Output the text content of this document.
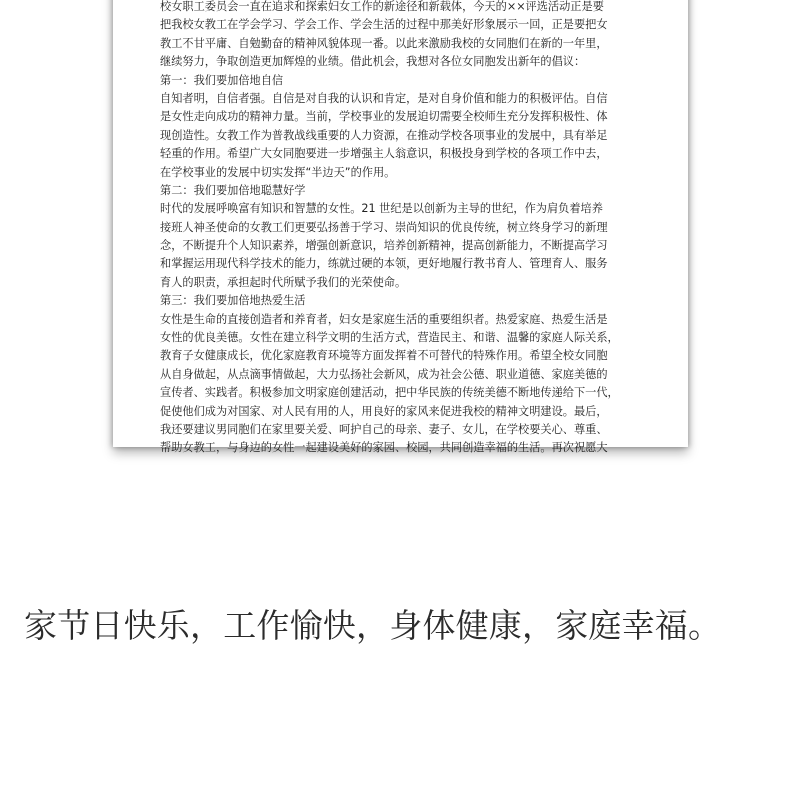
校女职工委员会一直在追求和探索妇女工作的新途径和新载体，今天的××评选活动正是要
把我校女教工在学会学习、学会工作、学会生活的过程中那美好形象展示一回，正是要把女
教工不甘平庸、自勉勤奋的精神风貌体现一番。以此来激励我校的女同胞们在新的一年里，
继续努力，争取创造更加辉煌的业绩。借此机会，我想对各位女同胞发出新年的倡议：
第一：我们要加倍地自信
自知者明，自信者强。自信是对自我的认识和肯定，是对自身价值和能力的积极评估。自信
是女性走向成功的精神力量。当前，学校事业的发展迫切需要全校师生充分发挥积极性、体
现创造性。女教工作为普教战线重要的人力资源，在推动学校各项事业的发展中，具有举足
轻重的作用。希望广大女同胞要进一步增强主人翁意识，积极投身到学校的各项工作中去，
在学校事业的发展中切实发挥“半边天”的作用。
第二：我们要加倍地聪慧好学
时代的发展呼唤富有知识和智慧的女性。21 世纪是以创新为主导的世纪，作为肩负着培养
接班人神圣使命的女教工们更要弘扬善于学习、崇尚知识的优良传统，树立终身学习的新理
念，不断提升个人知识素养，增强创新意识，培养创新精神，提高创新能力，不断提高学习
和掌握运用现代科学技术的能力，练就过硬的本领，更好地履行教书育人、管理育人、服务
育人的职责，承担起时代所赋予我们的光荣使命。
第三：我们要加倍地热爱生活
女性是生命的直接创造者和养育者，妇女是家庭生活的重要组织者。热爱家庭、热爱生活是
女性的优良美德。女性在建立科学文明的生活方式，营造民主、和谐、温馨的家庭人际关系，
教育子女健康成长，优化家庭教育环境等方面发挥着不可替代的特殊作用。希望全校女同胞
从自身做起，从点滴事情做起，大力弘扬社会新风，成为社会公德、职业道德、家庭美德的
宣传者、实践者。积极参加文明家庭创建活动，把中华民族的传统美德不断地传递给下一代，
促使他们成为对国家、对人民有用的人，用良好的家风来促进我校的精神文明建设。最后，
我还要建议男同胞们在家里要关爱、呵护自己的母亲、妻子、女儿，在学校要关心、尊重、
帮助女教工，与身边的女性一起建设美好的家园、校园，共同创造幸福的生活。再次祝愿大
家节日快乐，工作愉快，身体健康，家庭幸福。
